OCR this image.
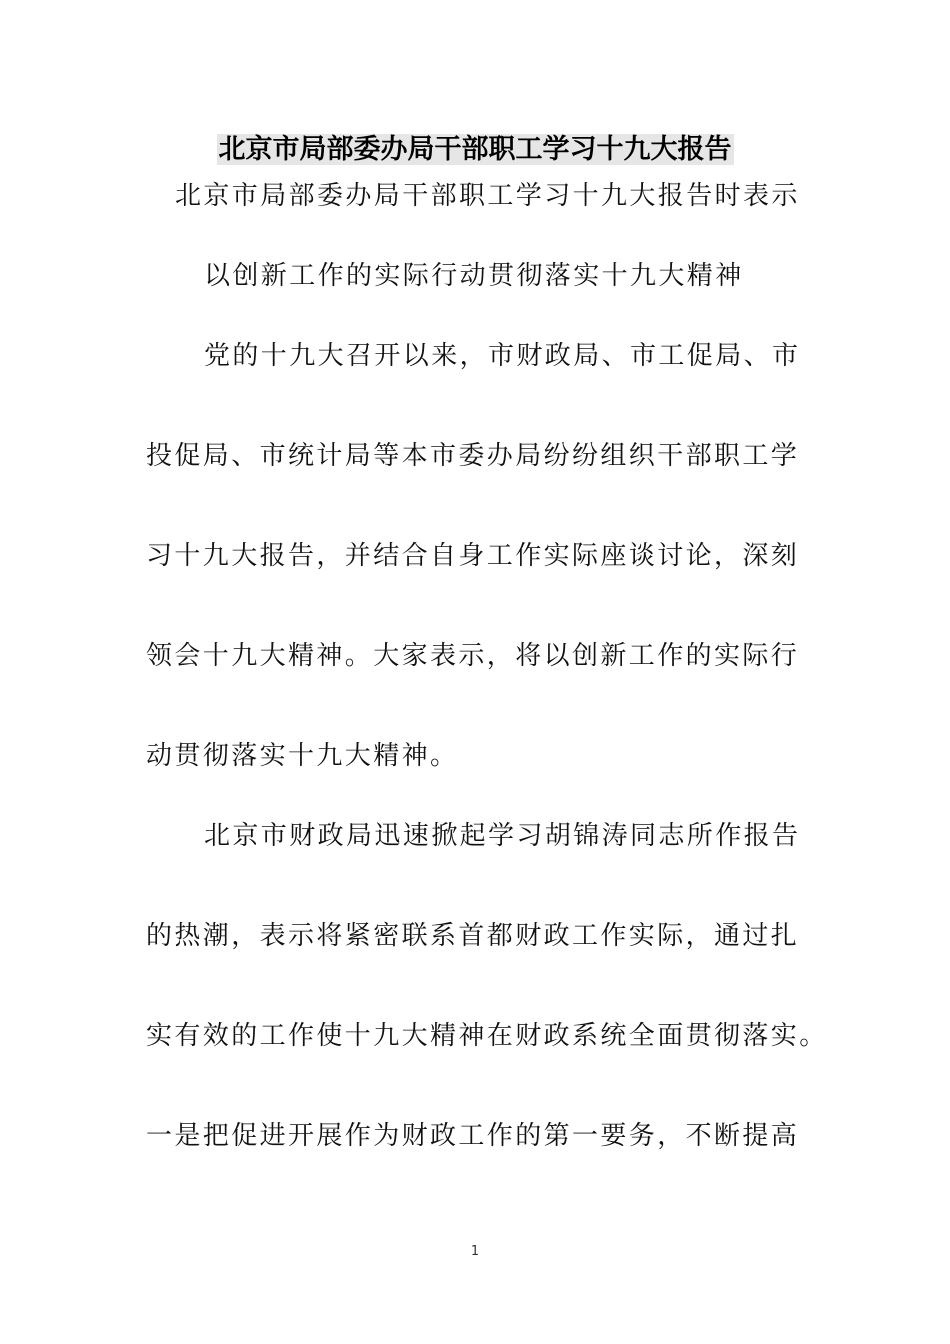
北京市局部委办局干部职工学习十九大报告
北京市局部委办局干部职工学习十九大报告时表示
以创新工作的实际行动贯彻落实十九大精神
党的十九大召开以来，市财政局、市工促局、市
投促局、市统计局等本市委办局纷纷组织干部职工学
习十九大报告，并结合自身工作实际座谈讨论，深刻
领会十九大精神。大家表示，将以创新工作的实际行
动贯彻落实十九大精神。
北京市财政局迅速掀起学习胡锦涛同志所作报告
的热潮，表示将紧密联系首都财政工作实际，通过扎
实有效的工作使十九大精神在财政系统全面贯彻落实。
一是把促进开展作为财政工作的第一要务，不断提高
1
